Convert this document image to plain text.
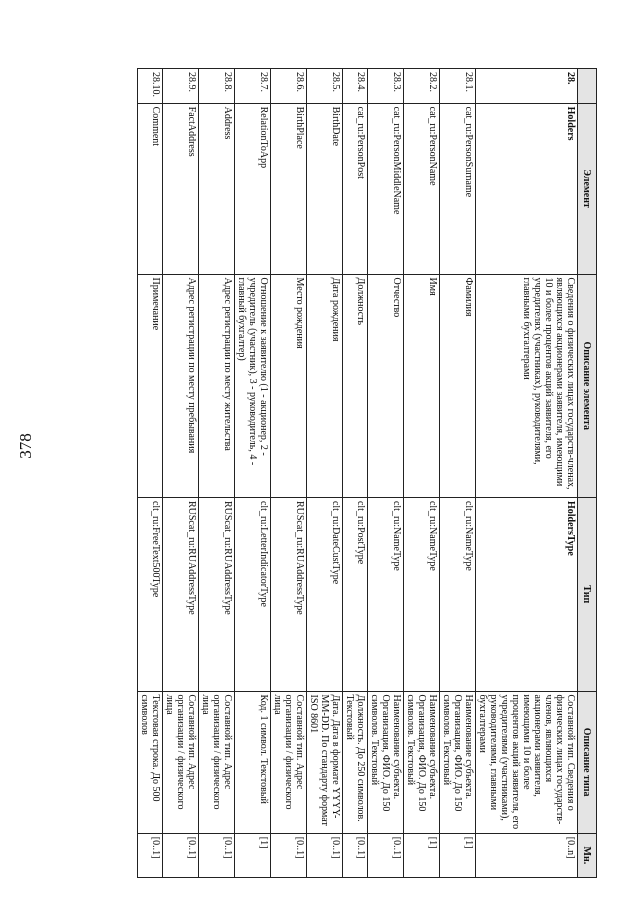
378
	Элемент	Описание элемента	Тип	Описание типа	Мн.
28.	Holders	Сведения о физических лицах государств-членах, являющихся акционерами заявителя, имеющими 10 и более процентов акций заявителя, его учредителях (участниках), руководителями, главными бухгалтерами	HoldersType	Составной тип. Сведения о физических лицах государств-членов, являющихся акционерами заявителя, имеющими 10 и более процентов акций заявителя, его учредителями (участниками), руководителями, главными бухгалтерами	[0..n]
28.1.	cat_ru:PersonSurname	Фамилия	clt_ru:NameType	Наименование субъекта. Организация, ФИО. До 150 символов. Текстовый	[1]
28.2.	cat_ru:PersonName	Имя	clt_ru:NameType	Наименование субъекта. Организация, ФИО. До 150 символов. Текстовый	[1]
28.3.	cat_ru:PersonMiddleName	Отчество	clt_ru:NameType	Наименование субъекта. Организация, ФИО. До 150 символов. Текстовый	[0..1]
28.4.	cat_ru:PersonPost	Должность	clt_ru:PostType	Должность. До 250 символов. Текстовый	[0..1]
28.5.	BirthDate	Дата рождения	clt_ru:DateCustType	Дата. Дата в формате YYYY-MM-DD. По стандарту формат ISO 8601	[0..1]
28.6.	BirthPlace	Место рождения	RUScat_ru:RUAddressType	Составной тип. Адрес организации / физического лица	[0..1]
28.7.	RelationToApp	Отношение к заявителю (1 - акционер, 2 - учредитель (участник), 3 - руководитель, 4 - главный бухгалтер)	clt_ru:LetterIndicatorType	Код. 1 символ. Текстовый	[1]
28.8.	Address	Адрес регистрации по месту жительства	RUScat_ru:RUAddressType	Составной тип. Адрес организации / физического лица	[0..1]
28.9.	FactAddress	Адрес регистрации по месту пребывания	RUScat_ru:RUAddressType	Составной тип. Адрес организации / физического лица	[0..1]
28.10.	Comment	Примечание	clt_ru:FreeText500Type	Текстовая строка. До 500 символов	[0..1]
